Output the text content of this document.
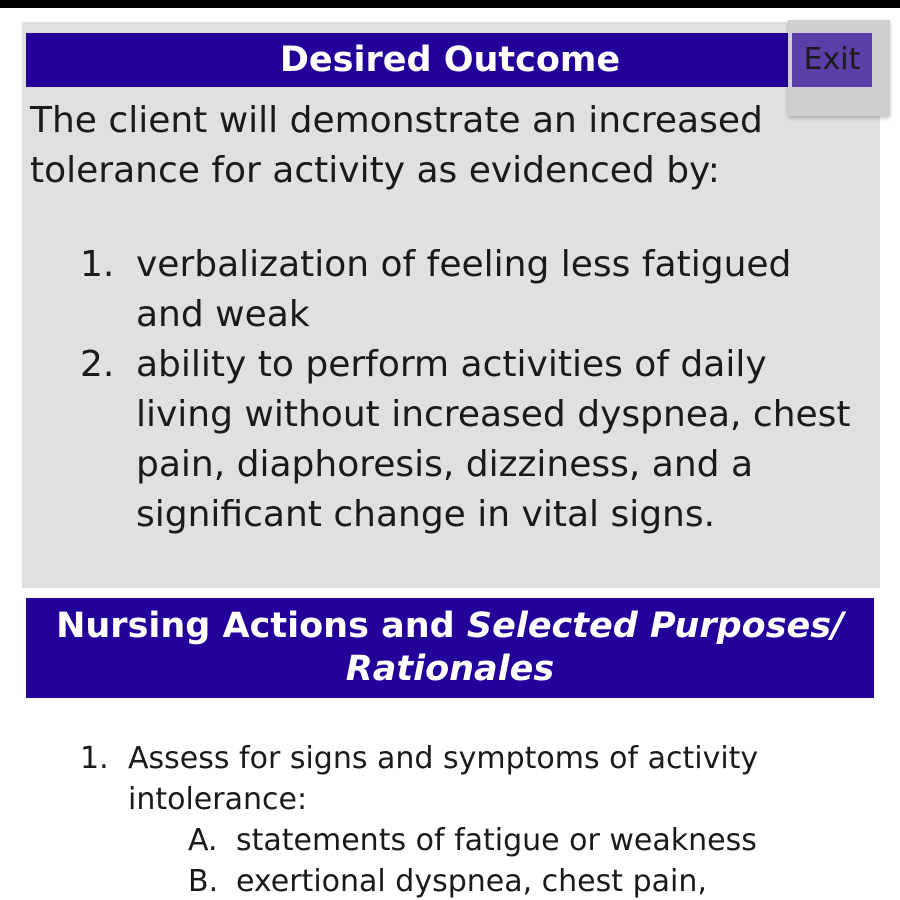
Desired Outcome

The client will demonstrate an increased tolerance for activity as evidenced by:

1. verbalization of feeling less fatigued and weak
2. ability to perform activities of daily living without increased dyspnea, chest pain, diaphoresis, dizziness, and a significant change in vital signs.
Exit
Nursing Actions and Selected Purposes/
Rationales
1. Assess for signs and symptoms of activity intolerance:
A. statements of fatigue or weakness
B. exertional dyspnea, chest pain,
